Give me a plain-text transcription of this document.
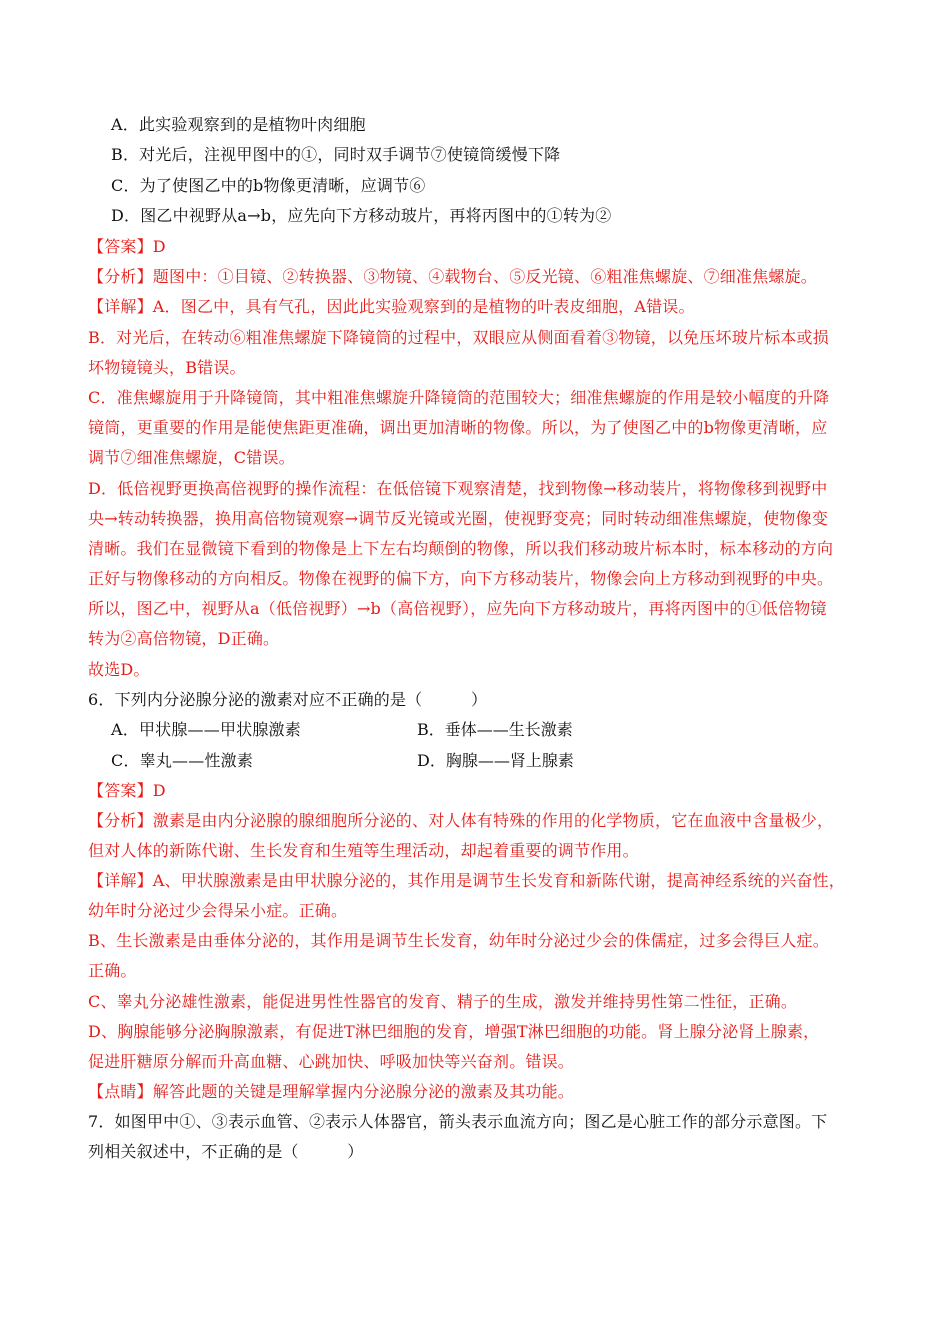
A．此实验观察到的是植物叶肉细胞
B．对光后，注视甲图中的①，同时双手调节⑦使镜筒缓慢下降
C．为了使图乙中的b物像更清晰，应调节⑥
D．图乙中视野从a→b，应先向下方移动玻片，再将丙图中的①转为②
【答案】D
【分析】题图中：①目镜、②转换器、③物镜、④载物台、⑤反光镜、⑥粗准焦螺旋、⑦细准焦螺旋。
【详解】A．图乙中，具有气孔，因此此实验观察到的是植物的叶表皮细胞，A错误。
B．对光后，在转动⑥粗准焦螺旋下降镜筒的过程中，双眼应从侧面看着③物镜，以免压坏玻片标本或损
坏物镜镜头，B错误。
C．准焦螺旋用于升降镜筒，其中粗准焦螺旋升降镜筒的范围较大；细准焦螺旋的作用是较小幅度的升降
镜筒，更重要的作用是能使焦距更准确，调出更加清晰的物像。所以，为了使图乙中的b物像更清晰，应
调节⑦细准焦螺旋，C错误。
D．低倍视野更换高倍视野的操作流程：在低倍镜下观察清楚，找到物像→移动装片，将物像移到视野中
央→转动转换器，换用高倍物镜观察→调节反光镜或光圈，使视野变亮；同时转动细准焦螺旋，使物像变
清晰。我们在显微镜下看到的物像是上下左右均颠倒的物像，所以我们移动玻片标本时，标本移动的方向
正好与物像移动的方向相反。物像在视野的偏下方，向下方移动装片，物像会向上方移动到视野的中央。
所以，图乙中，视野从a（低倍视野）→b（高倍视野），应先向下方移动玻片，再将丙图中的①低倍物镜
转为②高倍物镜，D正确。
故选D。
6．下列内分泌腺分泌的激素对应不正确的是（　　　）
A．甲状腺——甲状腺激素	B．垂体——生长激素
C．睾丸——性激素	D．胸腺——肾上腺素
【答案】D
【分析】激素是由内分泌腺的腺细胞所分泌的、对人体有特殊的作用的化学物质，它在血液中含量极少，
但对人体的新陈代谢、生长发育和生殖等生理活动，却起着重要的调节作用。
【详解】A、甲状腺激素是由甲状腺分泌的，其作用是调节生长发育和新陈代谢，提高神经系统的兴奋性，
幼年时分泌过少会得呆小症。正确。
B、生长激素是由垂体分泌的，其作用是调节生长发育，幼年时分泌过少会的侏儒症，过多会得巨人症。
正确。
C、睾丸分泌雄性激素，能促进男性性器官的发育、精子的生成，激发并维持男性第二性征，正确。
D、胸腺能够分泌胸腺激素，有促进T淋巴细胞的发育，增强T淋巴细胞的功能。肾上腺分泌肾上腺素，
促进肝糖原分解而升高血糖、心跳加快、呼吸加快等兴奋剂。错误。
【点睛】解答此题的关键是理解掌握内分泌腺分泌的激素及其功能。
7．如图甲中①、③表示血管、②表示人体器官，箭头表示血流方向；图乙是心脏工作的部分示意图。下
列相关叙述中，不正确的是（　　　）
